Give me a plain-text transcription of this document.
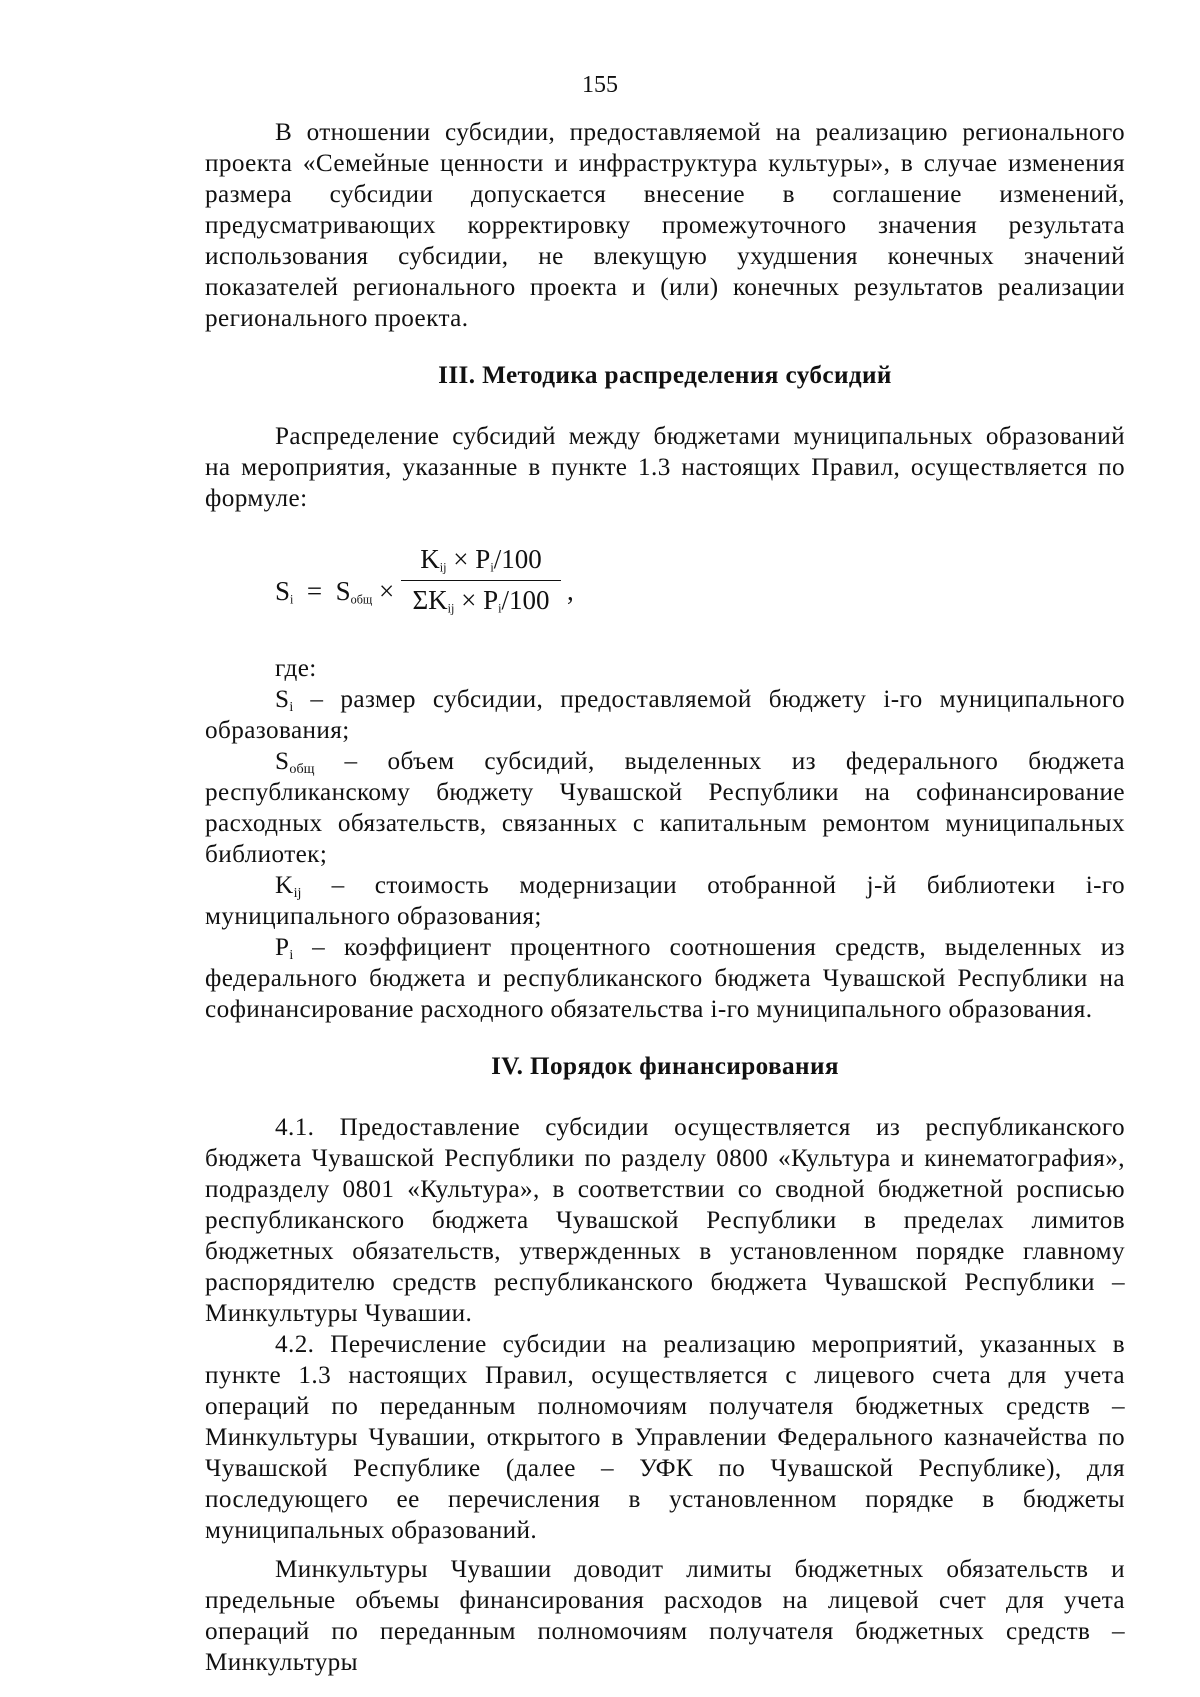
155

В отношении субсидии, предоставляемой на реализацию регионального проекта «Семейные ценности и инфраструктура культуры», в случае изменения размера субсидии допускается внесение в соглашение изменений, предусматривающих корректировку промежуточного значения результата использования субсидии, не влекущую ухудшения конечных значений показателей регионального проекта и (или) конечных результатов реализации регионального проекта.

III. Методика распределения субсидий

Распределение субсидий между бюджетами муниципальных образований на мероприятия, указанные в пункте 1.3 настоящих Правил, осуществляется по формуле:

$S_i = S_{общ}$ ×
$K_{ij} \times P_i/100$
$\Sigma K_{ij} \times P_i/100$ ,

где:

$S_i$ – размер субсидии, предоставляемой бюджету i-го муниципального образования;

$S_{общ}$ – объем субсидий, выделенных из федерального бюджета республиканскому бюджету Чувашской Республики на софинансирование расходных обязательств, связанных с капитальным ремонтом муниципальных библиотек;

$K_{ij}$ – стоимость модернизации отобранной j-й библиотеки i-го муниципального образования;

$P_i$ – коэффициент процентного соотношения средств, выделенных из федерального бюджета и республиканского бюджета Чувашской Республики на софинансирование расходного обязательства i-го муниципального образования.

IV. Порядок финансирования

4.1. Предоставление субсидии осуществляется из республиканского бюджета Чувашской Республики по разделу 0800 «Культура и кинематография», подразделу 0801 «Культура», в соответствии со сводной бюджетной росписью республиканского бюджета Чувашской Республики в пределах лимитов бюджетных обязательств, утвержденных в установленном порядке главному распорядителю средств республиканского бюджета Чувашской Республики – Минкультуры Чувашии.

4.2. Перечисление субсидии на реализацию мероприятий, указанных в пункте 1.3 настоящих Правил, осуществляется с лицевого счета для учета операций по переданным полномочиям получателя бюджетных средств – Минкультуры Чувашии, открытого в Управлении Федерального казначейства по Чувашской Республике (далее – УФК по Чувашской Республике), для последующего ее перечисления в установленном порядке в бюджеты муниципальных образований.

Минкультуры Чувашии доводит лимиты бюджетных обязательств и предельные объемы финансирования расходов на лицевой счет для учета операций по переданным полномочиям получателя бюджетных средств – Минкультуры
